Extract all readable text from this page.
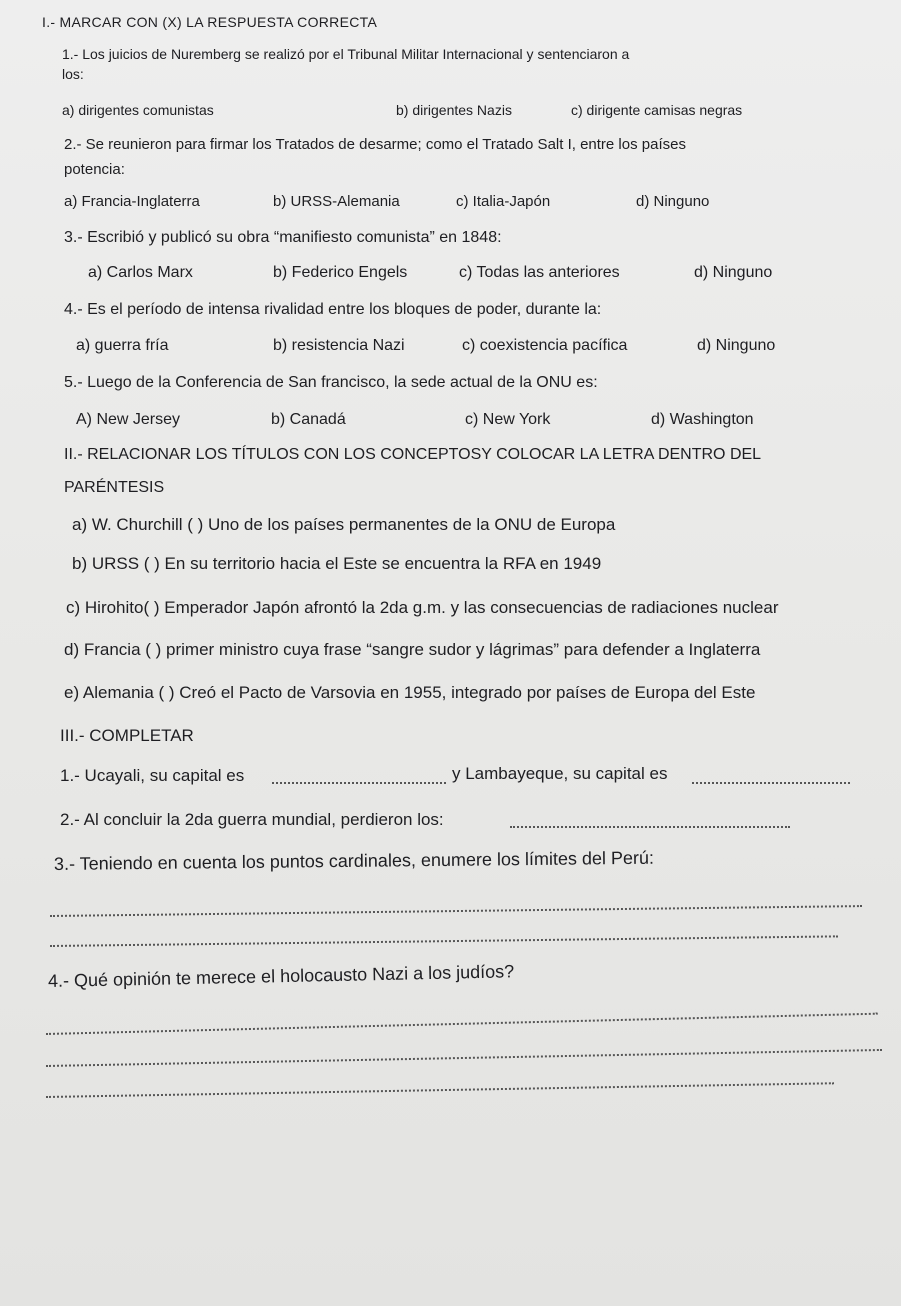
I.- MARCAR CON (X) LA RESPUESTA CORRECTA
1.- Los juicios de Nuremberg se realizó por el Tribunal Militar Internacional y sentenciaron a
los:
a) dirigentes comunistas	b) dirigentes Nazis	c) dirigente camisas negras
2.- Se reunieron para firmar los Tratados de desarme; como el Tratado Salt I, entre los países
potencia:
a) Francia-Inglaterra	b) URSS-Alemania	c) Italia-Japón	d) Ninguno
3.- Escribió y publicó su obra “manifiesto comunista” en 1848:
a) Carlos Marx	b) Federico Engels	c) Todas las anteriores	d) Ninguno
4.- Es el período de intensa rivalidad entre los bloques de poder, durante la:
a) guerra fría	b) resistencia Nazi	c) coexistencia pacífica	d) Ninguno
5.- Luego de la Conferencia de San francisco, la sede actual de la ONU es:
A) New Jersey	b) Canadá	c) New York	d) Washington
II.- RELACIONAR LOS TÍTULOS CON LOS CONCEPTOSY COLOCAR LA LETRA DENTRO DEL
PARÉNTESIS
a) W. Churchill ( ) Uno de los países permanentes de la ONU de Europa
b) URSS ( ) En su territorio hacia el Este se encuentra la RFA en 1949
c) Hirohito( ) Emperador Japón afrontó la 2da g.m. y las consecuencias de radiaciones nuclear
d) Francia ( ) primer ministro cuya frase “sangre sudor y lágrimas” para defender a Inglaterra
e) Alemania ( ) Creó el Pacto de Varsovia en 1955, integrado por países de Europa del Este
III.- COMPLETAR
1.- Ucayali, su capital es	y Lambayeque, su capital es
2.- Al concluir la 2da guerra mundial, perdieron los:
3.- Teniendo en cuenta los puntos cardinales, enumere los límites del Perú:
4.- Qué opinión te merece el holocausto Nazi a los judíos?
